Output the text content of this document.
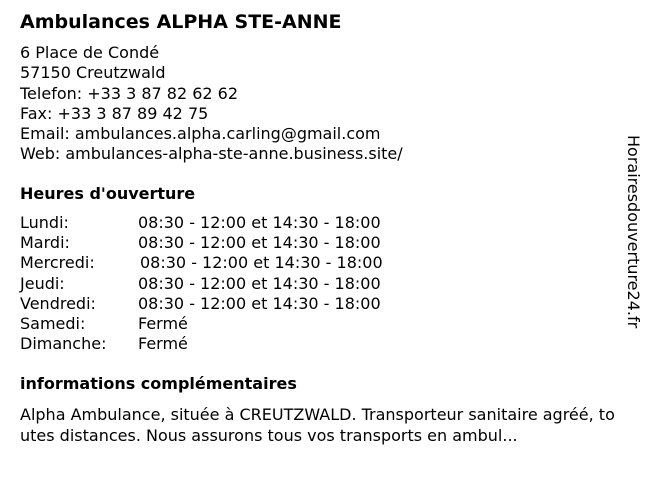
Ambulances ALPHA STE-ANNE
6 Place de Condé
57150 Creutzwald
Telefon: +33 3 87 82 62 62
Fax: +33 3 87 89 42 75
Email: ambulances.alpha.carling@gmail.com
Web: ambulances-alpha-ste-anne.business.site/
Heures d'ouverture
Lundi:	08:30 - 12:00 et 14:30 - 18:00
Mardi:	08:30 - 12:00 et 14:30 - 18:00
Mercredi:	08:30 - 12:00 et 14:30 - 18:00
Jeudi:	08:30 - 12:00 et 14:30 - 18:00
Vendredi:	08:30 - 12:00 et 14:30 - 18:00
Samedi:	Fermé
Dimanche: Fermé
informations complémentaires
Alpha Ambulance, située à CREUTZWALD. Transporteur sanitaire agréé, toutes distances. Nous assurons tous vos transports en ambul...
Horairesdouverture24.fr
